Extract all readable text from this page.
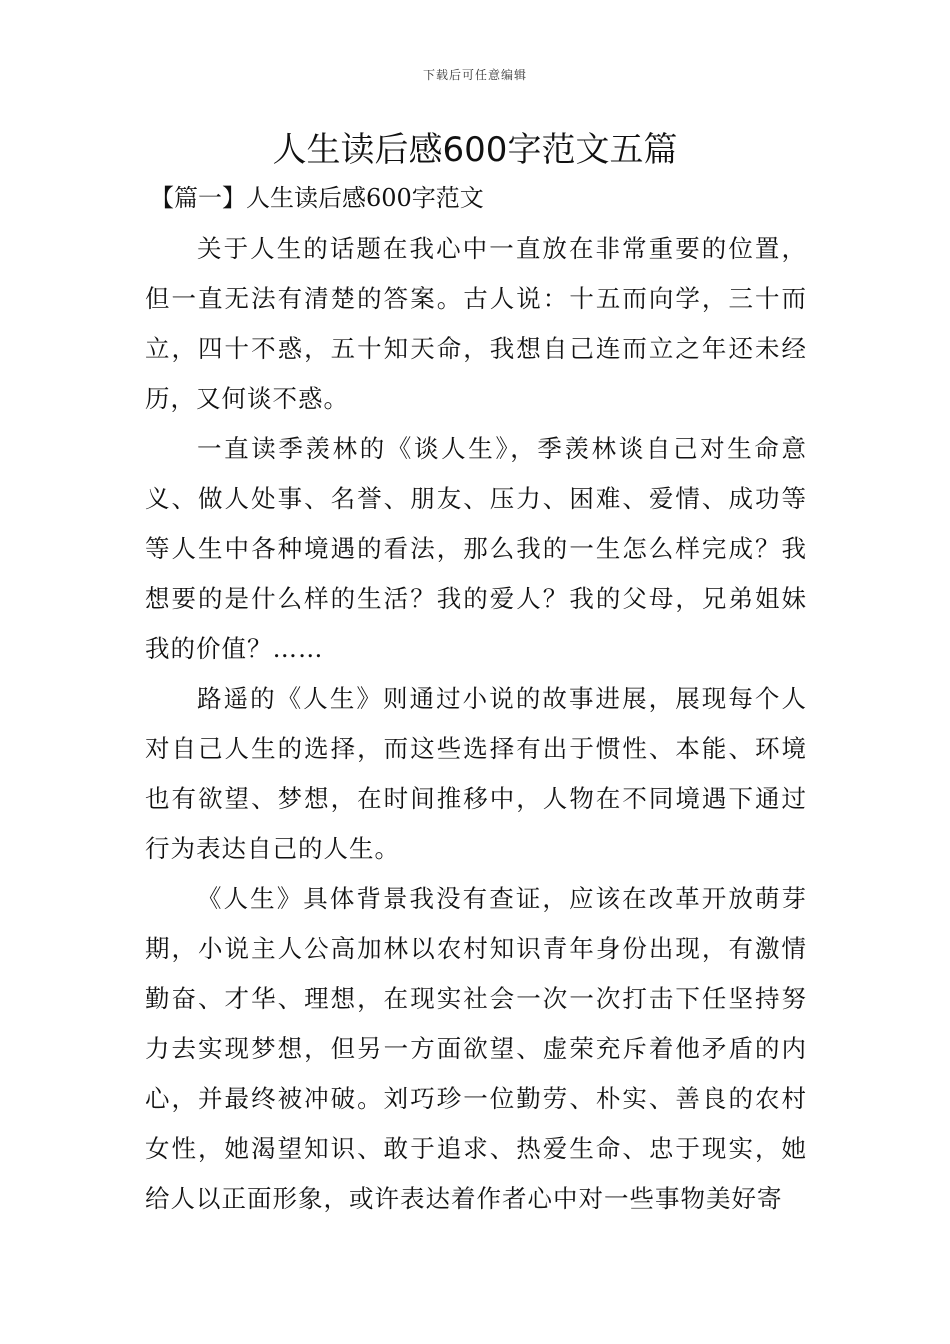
下载后可任意编辑
人生读后感600字范文五篇
【篇一】人生读后感600字范文

关于人生的话题在我心中一直放在非常重要的位置，但一直无法有清楚的答案。古人说：十五而向学，三十而立，四十不惑，五十知天命，我想自己连而立之年还未经历，又何谈不惑。

一直读季羡林的《谈人生》，季羡林谈自己对生命意义、做人处事、名誉、朋友、压力、困难、爱情、成功等等人生中各种境遇的看法，那么我的一生怎么样完成？我想要的是什么样的生活？我的爱人？我的父母，兄弟姐妹我的价值？……

路遥的《人生》则通过小说的故事进展，展现每个人对自己人生的选择，而这些选择有出于惯性、本能、环境也有欲望、梦想，在时间推移中，人物在不同境遇下通过行为表达自己的人生。

《人生》具体背景我没有查证，应该在改革开放萌芽期，小说主人公高加林以农村知识青年身份出现，有激情勤奋、才华、理想，在现实社会一次一次打击下任坚持努力去实现梦想，但另一方面欲望、虚荣充斥着他矛盾的内心，并最终被冲破。刘巧珍一位勤劳、朴实、善良的农村女性，她渴望知识、敢于追求、热爱生命、忠于现实，她给人以正面形象，或许表达着作者心中对一些事物美好寄
